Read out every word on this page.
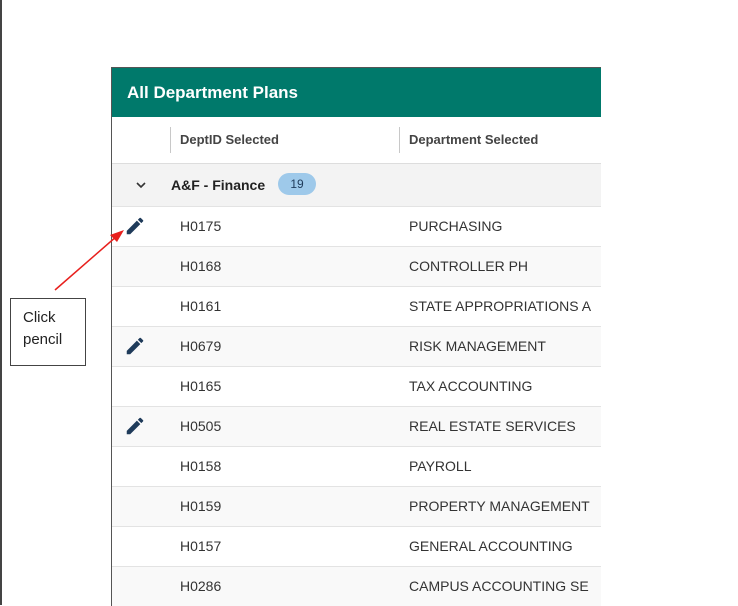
All Department Plans
DeptID Selected	Department Selected
A&F - Finance	19
H0175	PURCHASING
H0168	CONTROLLER PH
H0161	STATE APPROPRIATIONS A
H0679	RISK MANAGEMENT
H0165	TAX ACCOUNTING
H0505	REAL ESTATE SERVICES
H0158	PAYROLL
H0159	PROPERTY MANAGEMENT
H0157	GENERAL ACCOUNTING
H0286	CAMPUS ACCOUNTING SE
Click
pencil
